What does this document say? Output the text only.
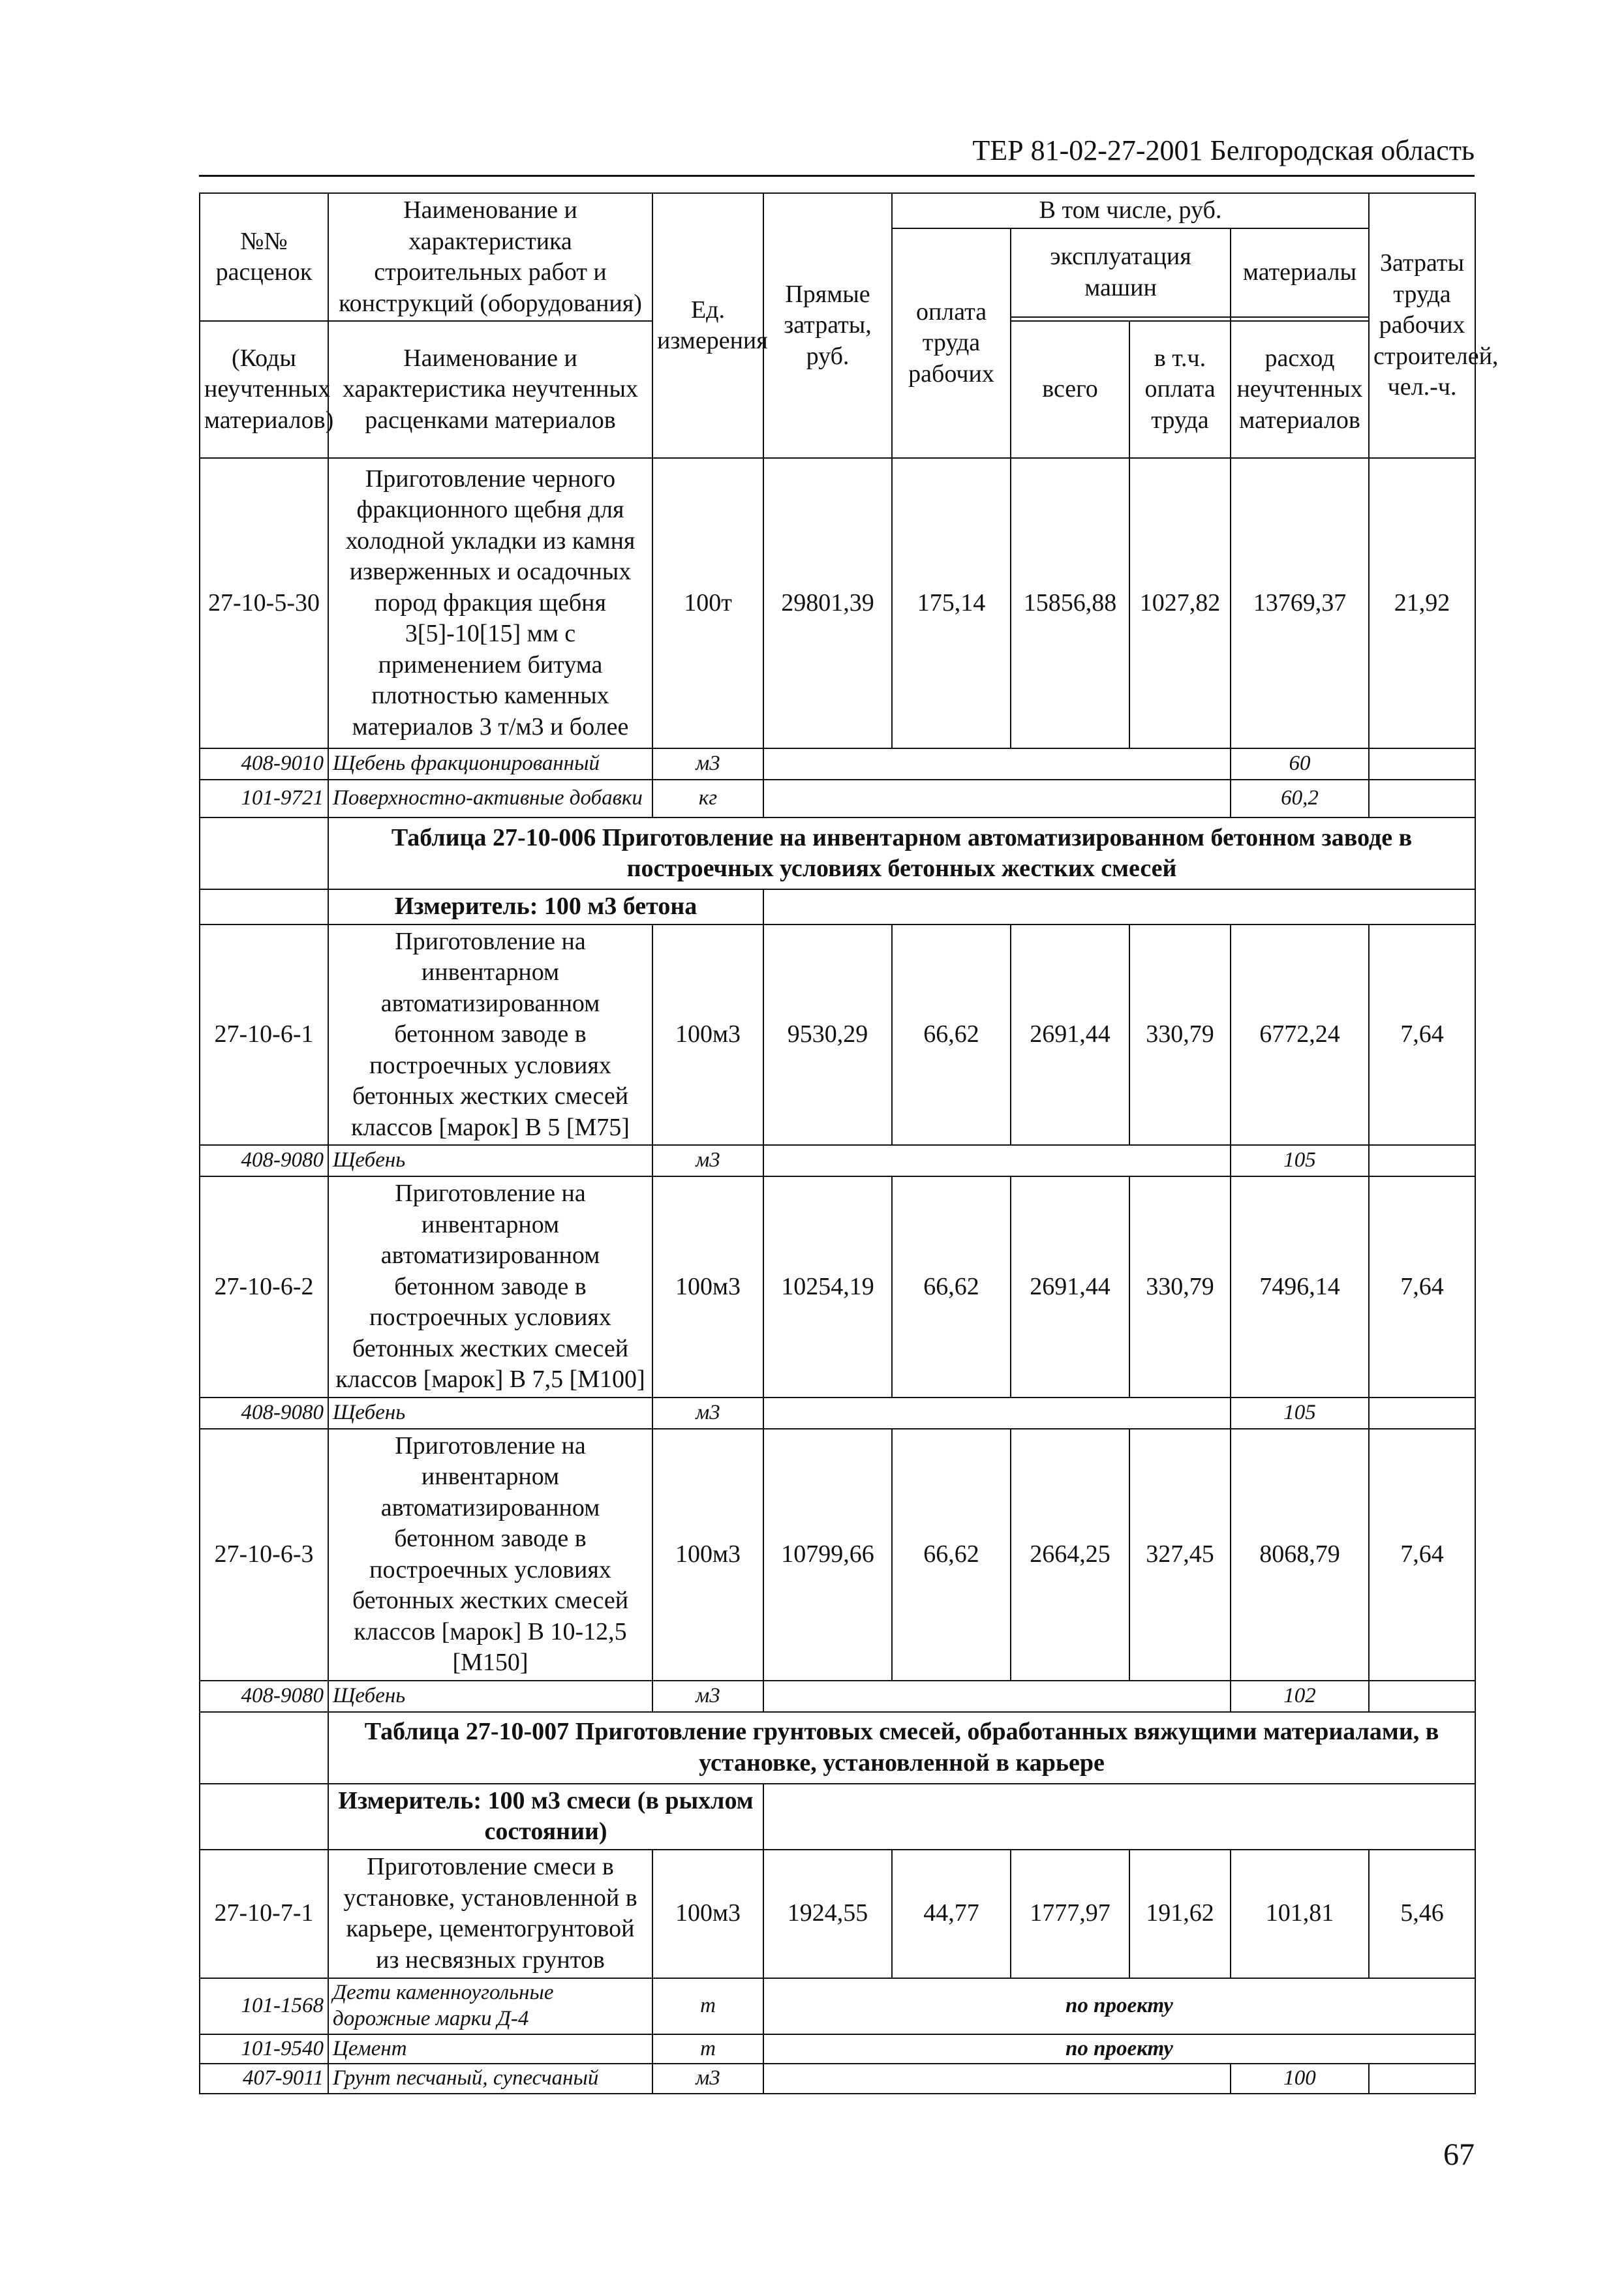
ТЕР 81-02-27-2001 Белгородская область
№№ расценок	Наименование и характеристика строительных работ и конструкций (оборудования)	Ед. измерения	Прямые затраты, руб.	В том числе, руб.				Затраты труда рабочих строителей, чел.-ч.
				оплата труда рабочих	эксплуатация машин		материалы	

(Коды неучтенных материалов)	Наименование и характеристика неучтенных расценками материалов				всего	в т.ч. оплата труда	расход неучтенных материалов	
27-10-5-30	Приготовление черного фракционного щебня для холодной укладки из камня изверженных и осадочных пород фракция щебня 3[5]-10[15] мм с применением битума плотностью каменных материалов 3 т/м3 и более	100т	29801,39	175,14	15856,88	1027,82	13769,37	21,92
408-9010	Щебень фракционированный	м3					60	
101-9721	Поверхностно-активные добавки	кг					60,2	
	Таблица 27-10-006 Приготовление на инвентарном автоматизированном бетонном заводе в построечных условиях бетонных жестких смесей							
	Измеритель: 100 м3 бетона							
27-10-6-1	Приготовление на инвентарном автоматизированном бетонном заводе в построечных условиях бетонных жестких смесей классов [марок] В 5 [М75]	100м3	9530,29	66,62	2691,44	330,79	6772,24	7,64
408-9080	Щебень	м3					105	
27-10-6-2	Приготовление на инвентарном автоматизированном бетонном заводе в построечных условиях бетонных жестких смесей классов [марок] В 7,5 [М100]	100м3	10254,19	66,62	2691,44	330,79	7496,14	7,64
408-9080	Щебень	м3					105	
27-10-6-3	Приготовление на инвентарном автоматизированном бетонном заводе в построечных условиях бетонных жестких смесей классов [марок] В 10-12,5 [М150]	100м3	10799,66	66,62	2664,25	327,45	8068,79	7,64
408-9080	Щебень	м3					102	
	Таблица 27-10-007 Приготовление грунтовых смесей, обработанных вяжущими материалами, в установке, установленной в карьере							
	Измеритель: 100 м3 смеси (в рыхлом состоянии)							
27-10-7-1	Приготовление смеси в установке, установленной в карьере, цементогрунтовой из несвязных грунтов	100м3	1924,55	44,77	1777,97	191,62	101,81	5,46
101-1568	Дегти каменноугольные дорожные марки Д-4	т	по проекту					
101-9540	Цемент	т	по проекту					
407-9011	Грунт песчаный, супесчаный	м3					100	
67
